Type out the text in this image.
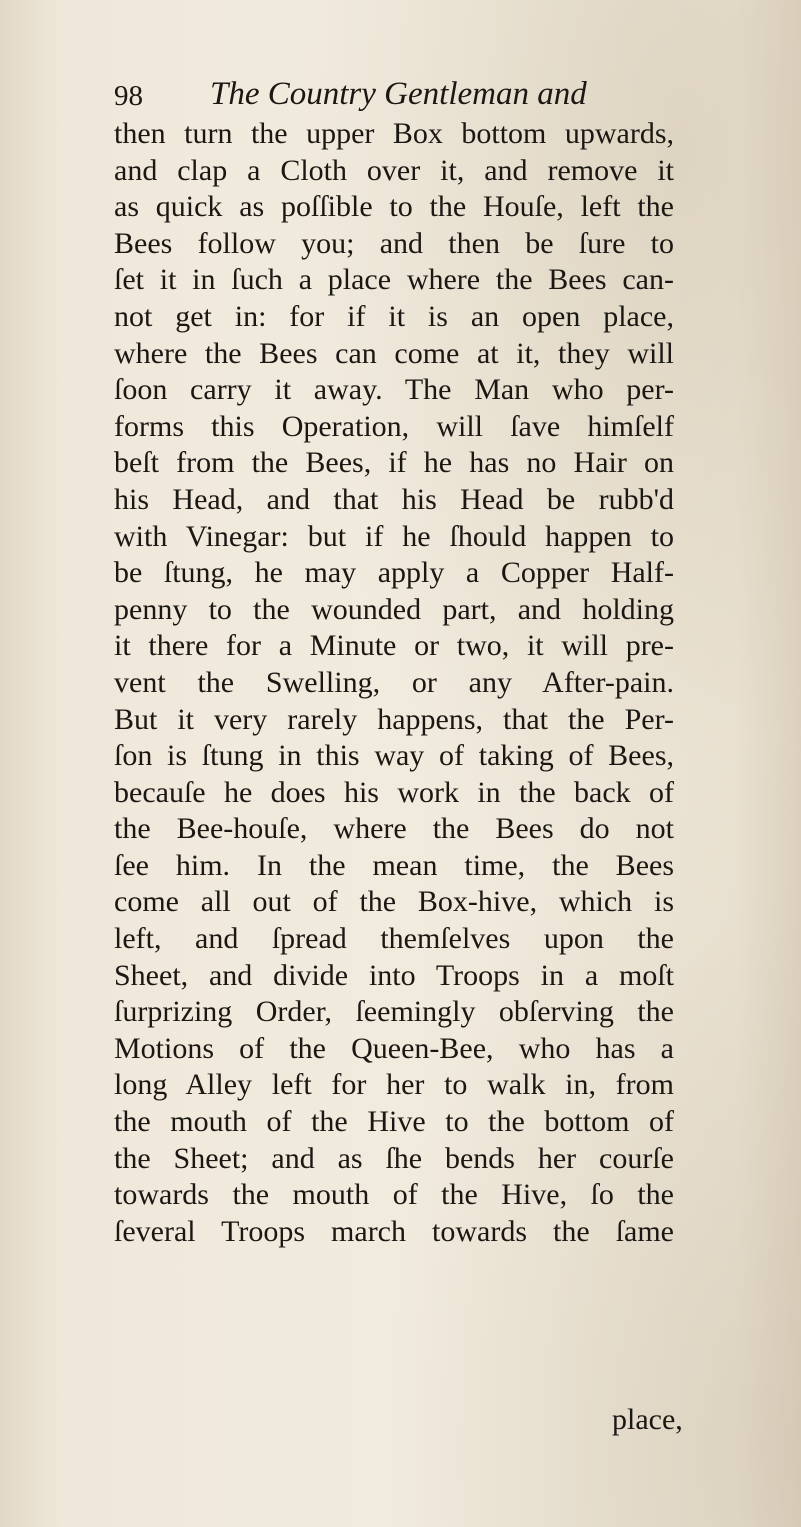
98 The Country Gentleman and
then turn the upper Box bottom upwards,
and clap a Cloth over it, and remove it
as quick as poſſible to the Houſe, left the
Bees follow you; and then be ſure to
ſet it in ſuch a place where the Bees can-
not get in: for if it is an open place,
where the Bees can come at it, they will
ſoon carry it away. The Man who per-
forms this Operation, will ſave himſelf
beſt from the Bees, if he has no Hair on
his Head, and that his Head be rubb'd
with Vinegar: but if he ſhould happen to
be ſtung, he may apply a Copper Half-
penny to the wounded part, and holding
it there for a Minute or two, it will pre-
vent the Swelling, or any After-pain.
But it very rarely happens, that the Per-
ſon is ſtung in this way of taking of Bees,
becauſe he does his work in the back of
the Bee-houſe, where the Bees do not
ſee him. In the mean time, the Bees
come all out of the Box-hive, which is
left, and ſpread themſelves upon the
Sheet, and divide into Troops in a moſt
ſurprizing Order, ſeemingly obſerving the
Motions of the Queen-Bee, who has a
long Alley left for her to walk in, from
the mouth of the Hive to the bottom of
the Sheet; and as ſhe bends her courſe
towards the mouth of the Hive, ſo the
ſeveral Troops march towards the ſame
place,
